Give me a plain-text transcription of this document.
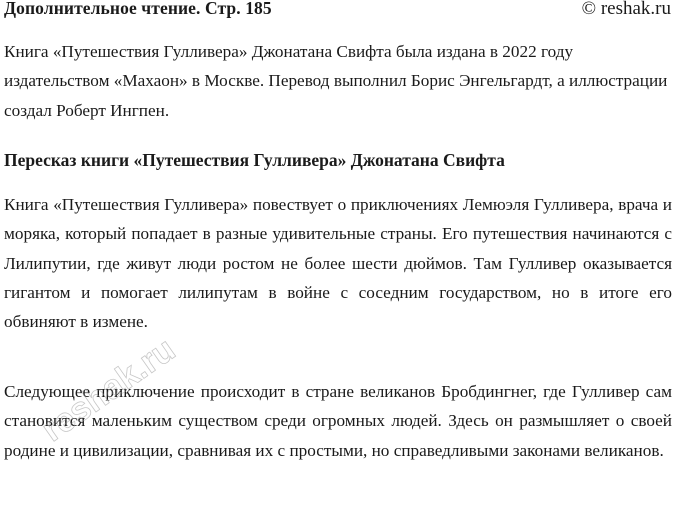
Дополнительное чтение. Стр. 185	© reshak.ru

Книга «Путешествия Гулливера» Джонатана Свифта была издана в 2022 году издательством «Махаон» в Москве. Перевод выполнил Борис Энгельгардт, а иллюстрации создал Роберт Ингпен.

Пересказ книги «Путешествия Гулливера» Джонатана Свифта

Книга «Путешествия Гулливера» повествует о приключениях Лемюэля Гулливера, врача и моряка, который попадает в разные удивительные страны. Его путешествия начинаются с Лилипутии, где живут люди ростом не более шести дюймов. Там Гулливер оказывается гигантом и помогает лилипутам в войне с соседним государством, но в итоге его обвиняют в измене.

Следующее приключение происходит в стране великанов Бробдингнег, где Гулливер сам становится маленьким существом среди огромных людей. Здесь он размышляет о своей родине и цивилизации, сравнивая их с простыми, но справедливыми законами великанов.

reshak.ru
